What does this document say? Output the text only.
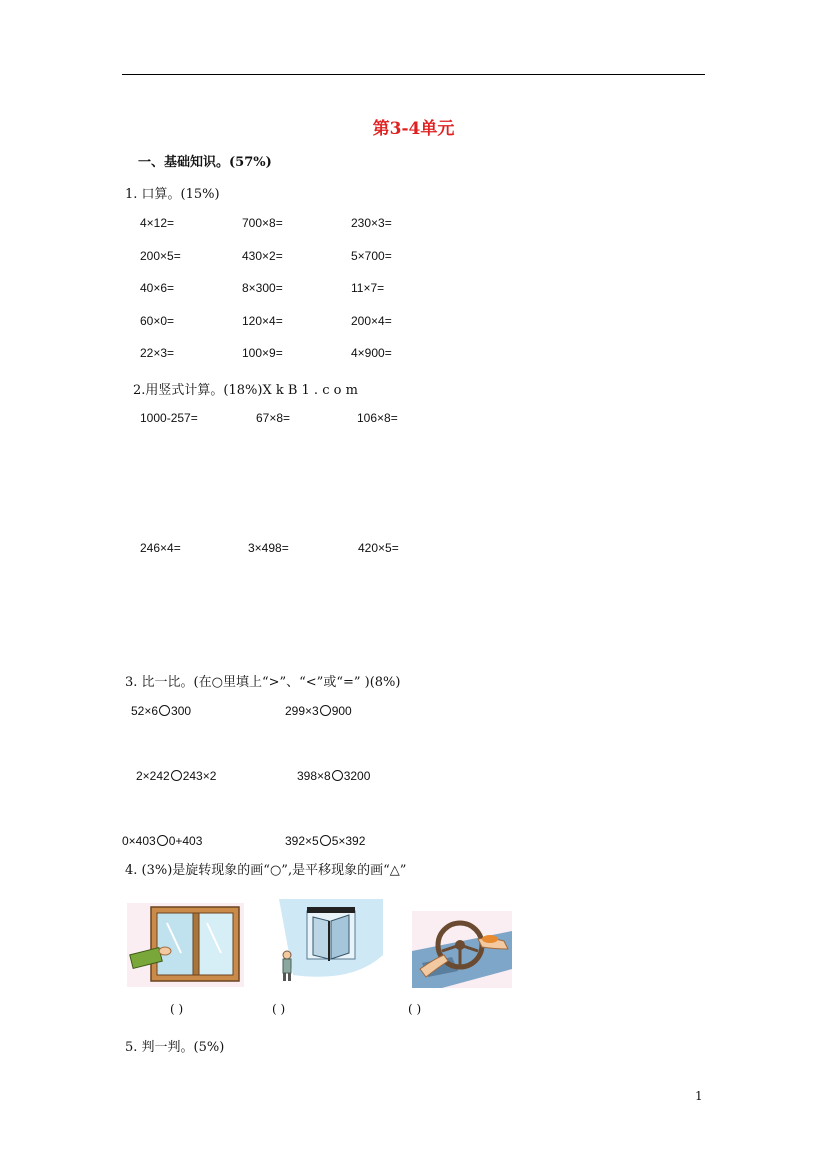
第3-4单元
一、基础知识。(57%)
1. 口算。(15%)
4×12=	700×8=	230×3=
200×5=	430×2=	5×700=
40×6=	8×300=	11×7=
60×0=	120×4=	200×4=
22×3=	100×9=	4×900=
2.用竖式计算。(18%)X k B 1 . c o m
1000-257=	67×8=	106×8=
246×4=	3×498=	420×5=
3. 比一比。(在○里填上“>”、“<”或“=” )(8%)
52×6 300	299×3 900
2×242 243×2	398×8 3200
0×403 0+403	392×5 5×392
4. (3%)是旋转现象的画“○”,是平移现象的画“△”
( )	( )	( )
5. 判一判。(5%)
1
